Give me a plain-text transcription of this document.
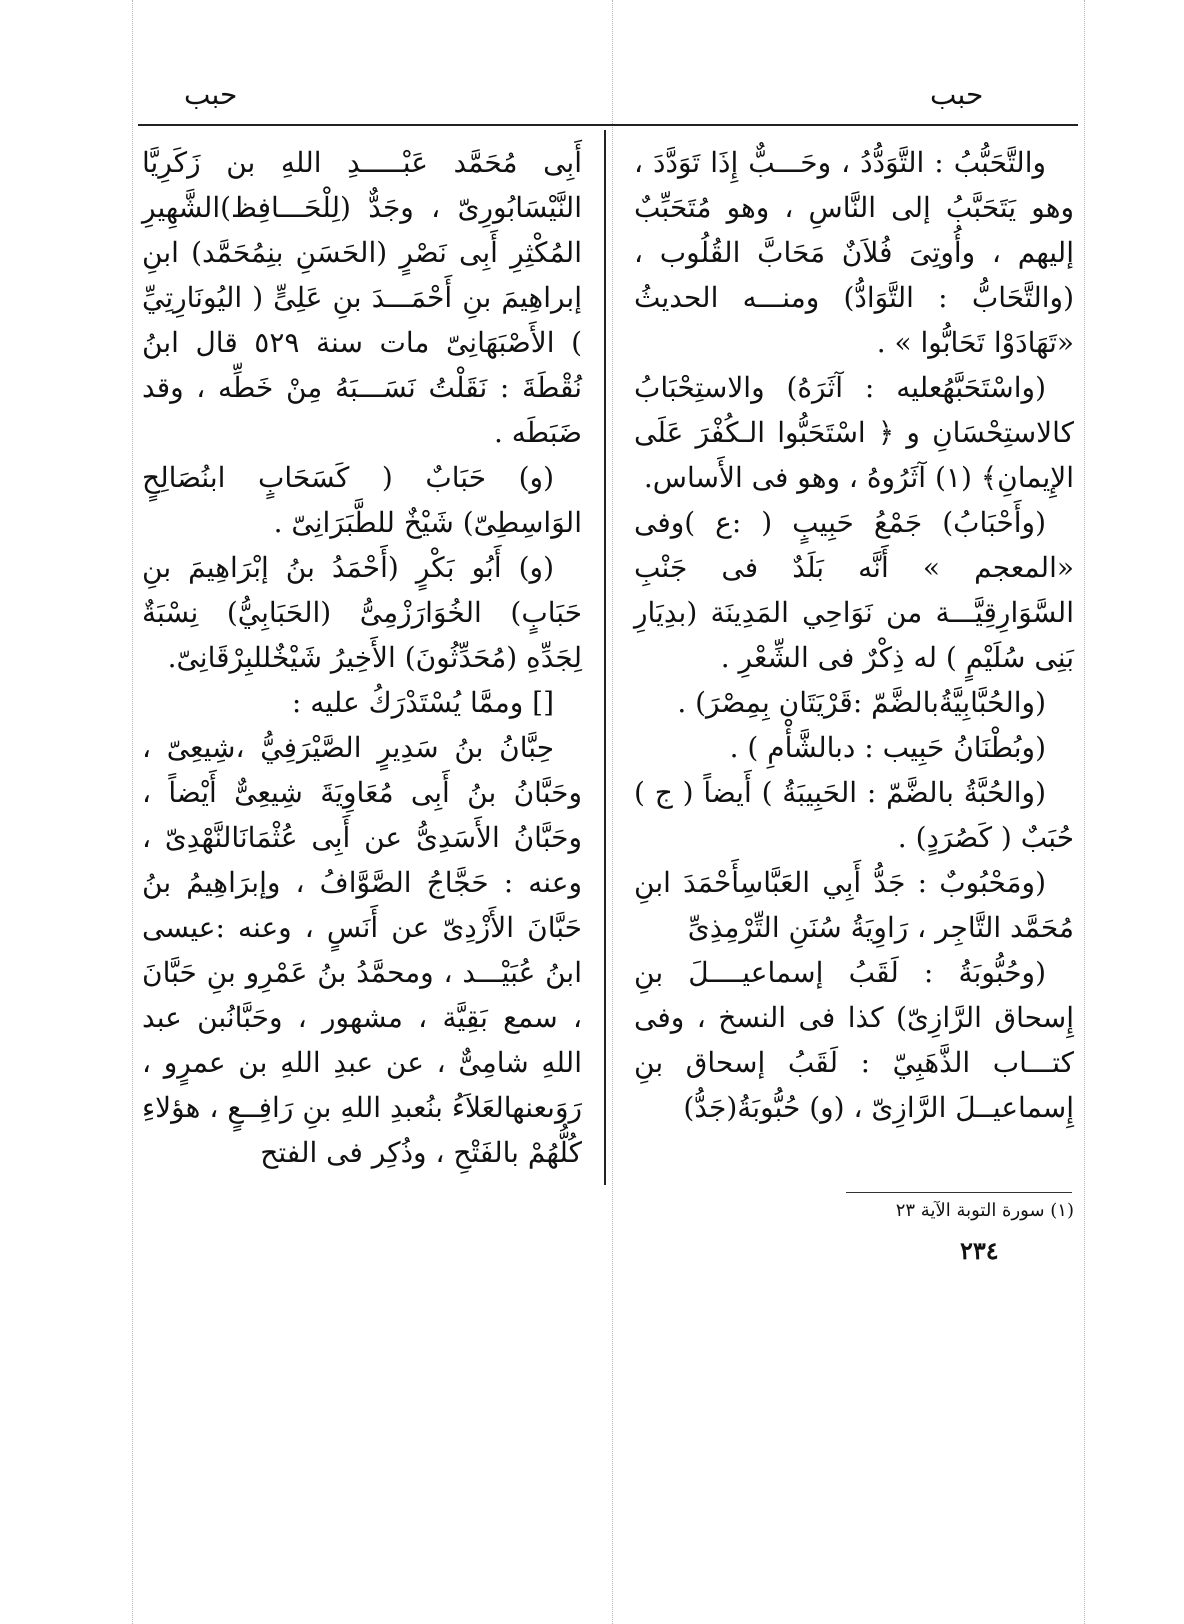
حبب
حبب

والتَّحَبُّبُ : التَّوَدُّدُ ، وحَـــبٌّ إِذَا تَوَدَّدَ ، وهو يَتَحَبَّبُ إلى النَّاسِ ، وهو مُتَحَبِّبٌ إليهم ، وأُوتِىَ فُلاَنٌ مَحَابَّ القُلُوب ، (والتَّحَابُّ : التَّوَادُّ) ومنـــه الحديثُ «تَهَادَوْا تَحَابُّوا » .

(واسْتَحَبَّهُعليه : آثَرَهُ) والاستِحْبَابُ كالاستِحْسَانِ و ﴿ اسْتَحَبُّوا الـكُفْرَ عَلَى الإِيمانِ﴾ (١) آثَرُوهُ ، وهو فى الأَساس.

(وأَحْبَابُ) جَمْعُ حَبِيبٍ ( :ع )وفى «المعجم » أَنَّه بَلَدٌ فى جَنْبِ السَّوَارِقِيَّـــة من نَوَاحِي المَدِينَة (بدِيَارِ بَنِى سُلَيْمٍ ) له ذِكْرٌ فى الشِّعْرِ .

(والحُبَّابِيَّةُبالضَّمّ :قَرْيَتَان بِمِصْرَ) .

(وبُطْنَانُ حَبِيب : دبالشَّأْمِ ) .

(والحُبَّةُ بالضَّمّ : الحَبِيبَةُ ) أَيضاً ( ج ) حُبَبٌ ( كَصُرَدٍ) .

(ومَحْبُوبٌ : جَدُّ أَبِي العَبَّاسِأَحْمَدَ ابنِ مُحَمَّد التَّاجِر ، رَاوِيَةُ سُنَنِ التِّرْمِذِىِّ

(وحُبُّوبَةُ : لَقَبُ إسماعيــــلَ بنِ إِسحاق الرَّازِىّ) كذا فى النسخ ، وفى كتـــاب الذَّهَبِيّ : لَقَبُ إسحاق بنِ إِسماعيــلَ الرَّازِىّ ، (و) حُبُّوبَةُ(جَدُّ)

أَبِى مُحَمَّد عَبْـــــدِ اللهِ بن زَكَرِيَّا النَّيْسَابُورِىّ ، وجَدٌّ (لِلْحَـــافِظ)الشَّهِيرِ المُكْثِرِ أَبِى نَصْرٍ (الحَسَنِ بنِمُحَمَّد) ابنِ إبراهِيمَ بنِ أَحْمَـــدَ بنِ عَلِىٍّ ( اليُونَارِتِيِّ ) الأَصْبَهَانِىّ مات سنة ٥٢٩ قال ابنُ نُقْطَةَ : نَقَلْتُ نَسَـــبَهُ مِنْ خَطِّه ، وقد ضَبَطَه .

(و) حَبَابٌ ( كَسَحَابٍ ابنُصَالِحٍ الوَاسِطِىّ) شَيْخٌ للطَّبَرَانِىّ .

(و) أَبُو بَكْرٍ (أَحْمَدُ بنُ إبْرَاهِيمَ بنِ حَبَابٍ) الخُوَارَزْمِىُّ (الحَبَابِيُّ) نِسْبَةٌ لِجَدِّهِ (مُحَدِّثُونَ) الأَخِيرُ شَيْخٌللبِرْقَانِىّ.

[] وممَّا يُسْتَدْرَكُ عليه :

حِبَّانُ بنُ سَدِيرٍ الصَّيْرَفِيُّ ،شِيعِىّ ، وحَبَّانُ بنُ أَبِى مُعَاوِيَةَ شِيعِىٌّ أَيْضاً ، وحَبَّانُ الأَسَدِىُّ عن أَبِى عُثْمَانَالنَّهْدِىّ ، وعنه : حَجَّاجُ الصَّوَّافُ ، وإبرَاهِيمُ بنُ حَبَّانَ الأَزْدِىّ عن أَنَسٍ ، وعنه :عيسى ابنُ عُبَيْـــد ، ومحمَّدُ بنُ عَمْرِو بنِ حَبَّانَ ، سمع بَقِيَّة ، مشهور ، وحَبَّانُبن عبد اللهِ شامِىٌّ ، عن عبدِ اللهِ بن عمرٍو ، رَوَىعنهالعَلاَءُ بنُعبدِ اللهِ بنِ رَافِــعٍ ، هؤلاءِ كُلُّهُمْ بالفَتْحِ ، وذُكِر فى الفتح

(١) سورة التوبة الآية ٢٣
٢٣٤
